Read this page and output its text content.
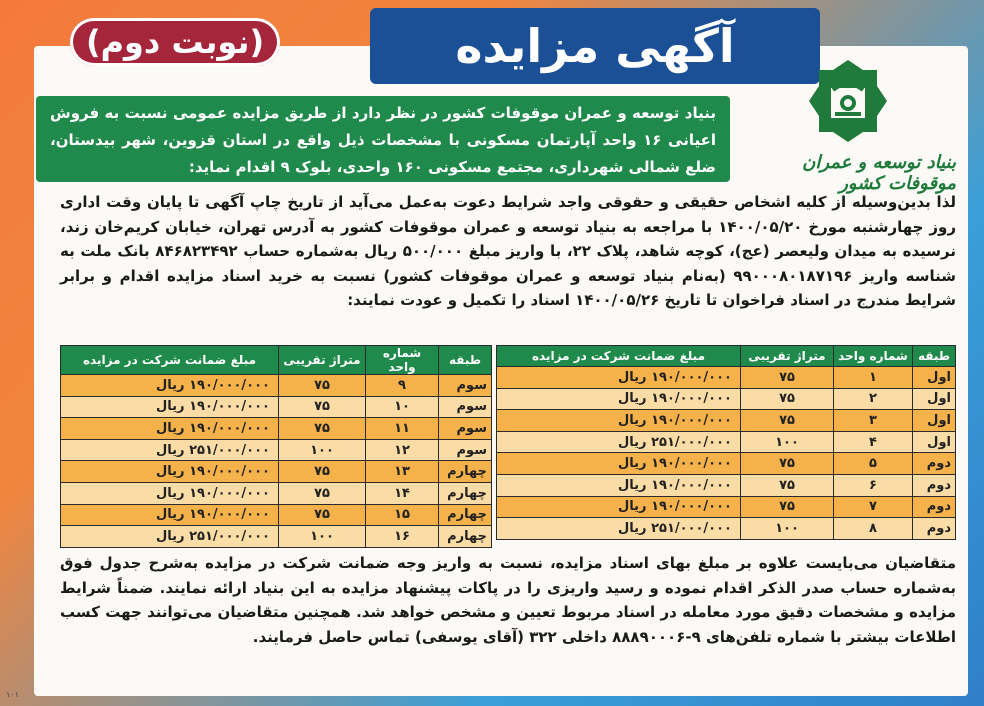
(نوبت دوم)	آگهی مزایده
بنیاد توسعه و عمران موقوفات کشور
بنیاد توسعه و عمران موقوفات کشور در نظر دارد از طریق مزایده عمومی نسبت به فروش اعیانی ۱۶ واحد آپارتمان مسکونی با مشخصات ذیل واقع در استان قزوین، شهر بیدستان، ضلع شمالی شهرداری، مجتمع مسکونی ۱۶۰ واحدی، بلوک ۹ اقدام نماید:
لذا بدین‌وسیله از کلیه اشخاص حقیقی و حقوقی واجد شرایط دعوت به‌عمل می‌آید از تاریخ چاپ آگهی تا پایان وقت اداری روز چهارشنبه مورخ ۱۴۰۰/۰۵/۲۰ با مراجعه به بنیاد توسعه و عمران موقوفات کشور به آدرس تهران، خیابان کریم‌خان زند، نرسیده به میدان ولیعصر (عج)، کوچه شاهد، پلاک ۲۲، با واریز مبلغ ۵۰۰/۰۰۰ ریال به‌شماره حساب ۸۴۶۸۲۳۴۹۲ بانک ملت به شناسه واریز ۹۹۰۰۰۸۰۱۸۷۱۹۶ (به‌نام بنیاد توسعه و عمران موقوفات کشور) نسبت به خرید اسناد مزایده اقدام و برابر شرایط مندرج در اسناد فراخوان تا تاریخ ۱۴۰۰/۰۵/۲۶ اسناد را تکمیل و عودت نمایند:
طبقه	شماره واحد	متراژ تقریبی	مبلغ ضمانت شرکت در مزایده
اول	۱	۷۵	۱۹۰/۰۰۰/۰۰۰ ریال
اول	۲	۷۵	۱۹۰/۰۰۰/۰۰۰ ریال
اول	۳	۷۵	۱۹۰/۰۰۰/۰۰۰ ریال
اول	۴	۱۰۰	۲۵۱/۰۰۰/۰۰۰ ریال
دوم	۵	۷۵	۱۹۰/۰۰۰/۰۰۰ ریال
دوم	۶	۷۵	۱۹۰/۰۰۰/۰۰۰ ریال
دوم	۷	۷۵	۱۹۰/۰۰۰/۰۰۰ ریال
دوم	۸	۱۰۰	۲۵۱/۰۰۰/۰۰۰ ریال
طبقه	شماره واحد	متراژ تقریبی	مبلغ ضمانت شرکت در مزایده
سوم	۹	۷۵	۱۹۰/۰۰۰/۰۰۰ ریال
سوم	۱۰	۷۵	۱۹۰/۰۰۰/۰۰۰ ریال
سوم	۱۱	۷۵	۱۹۰/۰۰۰/۰۰۰ ریال
سوم	۱۲	۱۰۰	۲۵۱/۰۰۰/۰۰۰ ریال
چهارم	۱۳	۷۵	۱۹۰/۰۰۰/۰۰۰ ریال
چهارم	۱۴	۷۵	۱۹۰/۰۰۰/۰۰۰ ریال
چهارم	۱۵	۷۵	۱۹۰/۰۰۰/۰۰۰ ریال
چهارم	۱۶	۱۰۰	۲۵۱/۰۰۰/۰۰۰ ریال
متقاضیان می‌بایست علاوه بر مبلغ بهای اسناد مزایده، نسبت به واریز وجه ضمانت شرکت در مزایده به‌شرح جدول فوق به‌شماره حساب صدر الذکر اقدام نموده و رسید واریزی را در پاکات پیشنهاد مزایده به این بنیاد ارائه نمایند. ضمناً شرایط مزایده و مشخصات دقیق مورد معامله در اسناد مربوط تعیین و مشخص خواهد شد. همچنین متقاضیان می‌توانند جهت کسب اطلاعات بیشتر با شماره تلفن‌های ۹-۸۸۸۹۰۰۰۶ داخلی ۳۲۲ (آقای یوسفی) تماس حاصل فرمایند.
۱۰۱
